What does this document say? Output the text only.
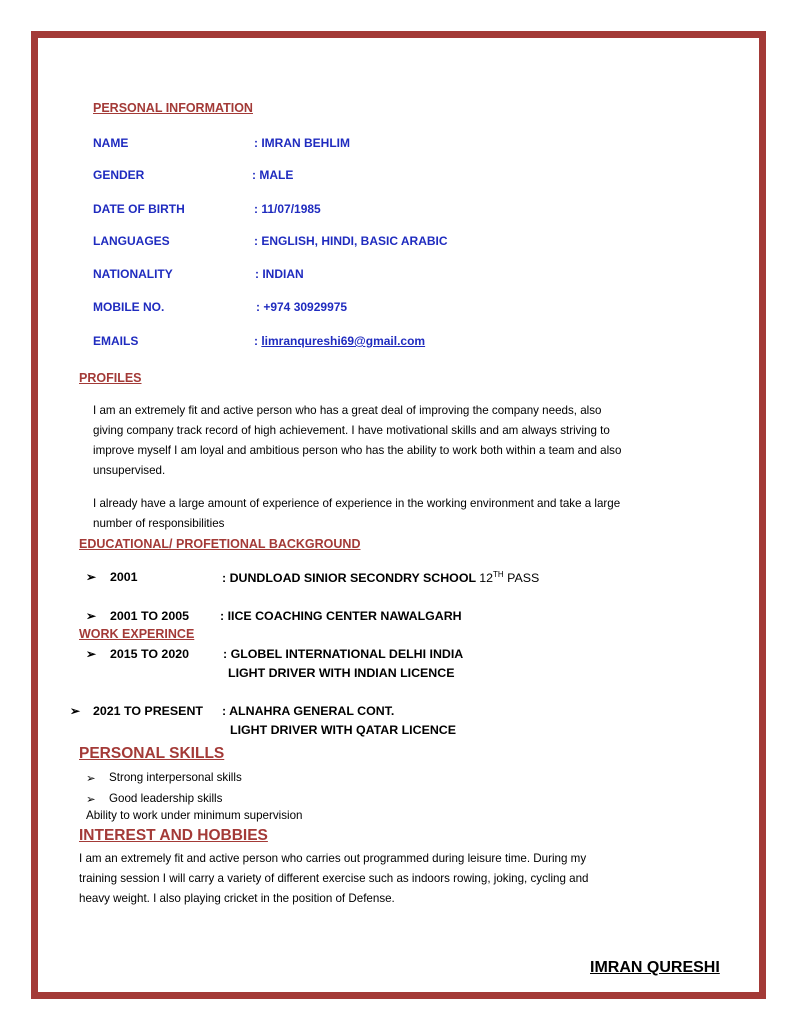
PERSONAL INFORMATION
NAME	: IMRAN BEHLIM
GENDER	: MALE
DATE OF BIRTH	: 11/07/1985
LANGUAGES	: ENGLISH, HINDI, BASIC ARABIC
NATIONALITY	: INDIAN
MOBILE NO.	: +974 30929975
EMAILS	: limranqureshi69@gmail.com
PROFILES
I am an extremely fit and active person who has a great deal of improving the company needs, also
giving company track record of high achievement. I have motivational skills and am always striving to
improve myself I am loyal and ambitious person who has the ability to work both within a team and also
unsupervised.
I already have a large amount of experience of experience in the working environment and take a large
number of responsibilities
EDUCATIONAL/ PROFETIONAL BACKGROUND
➢ 2001	: DUNDLOAD SINIOR SECONDRY SCHOOL 12TH PASS
➢ 2001 TO 2005	: IICE COACHING CENTER NAWALGARH
WORK EXPERINCE
➢ 2015 TO 2020	: GLOBEL INTERNATIONAL DELHI INDIA
LIGHT DRIVER WITH INDIAN LICENCE
➢ 2021 TO PRESENT : ALNAHRA GENERAL CONT.
LIGHT DRIVER WITH QATAR LICENCE
PERSONAL SKILLS
➢ Strong interpersonal skills
➢ Good leadership skills
Ability to work under minimum supervision
INTEREST AND HOBBIES
I am an extremely fit and active person who carries out programmed during leisure time. During my
training session I will carry a variety of different exercise such as indoors rowing, joking, cycling and
heavy weight. I also playing cricket in the position of Defense.
IMRAN QURESHI
